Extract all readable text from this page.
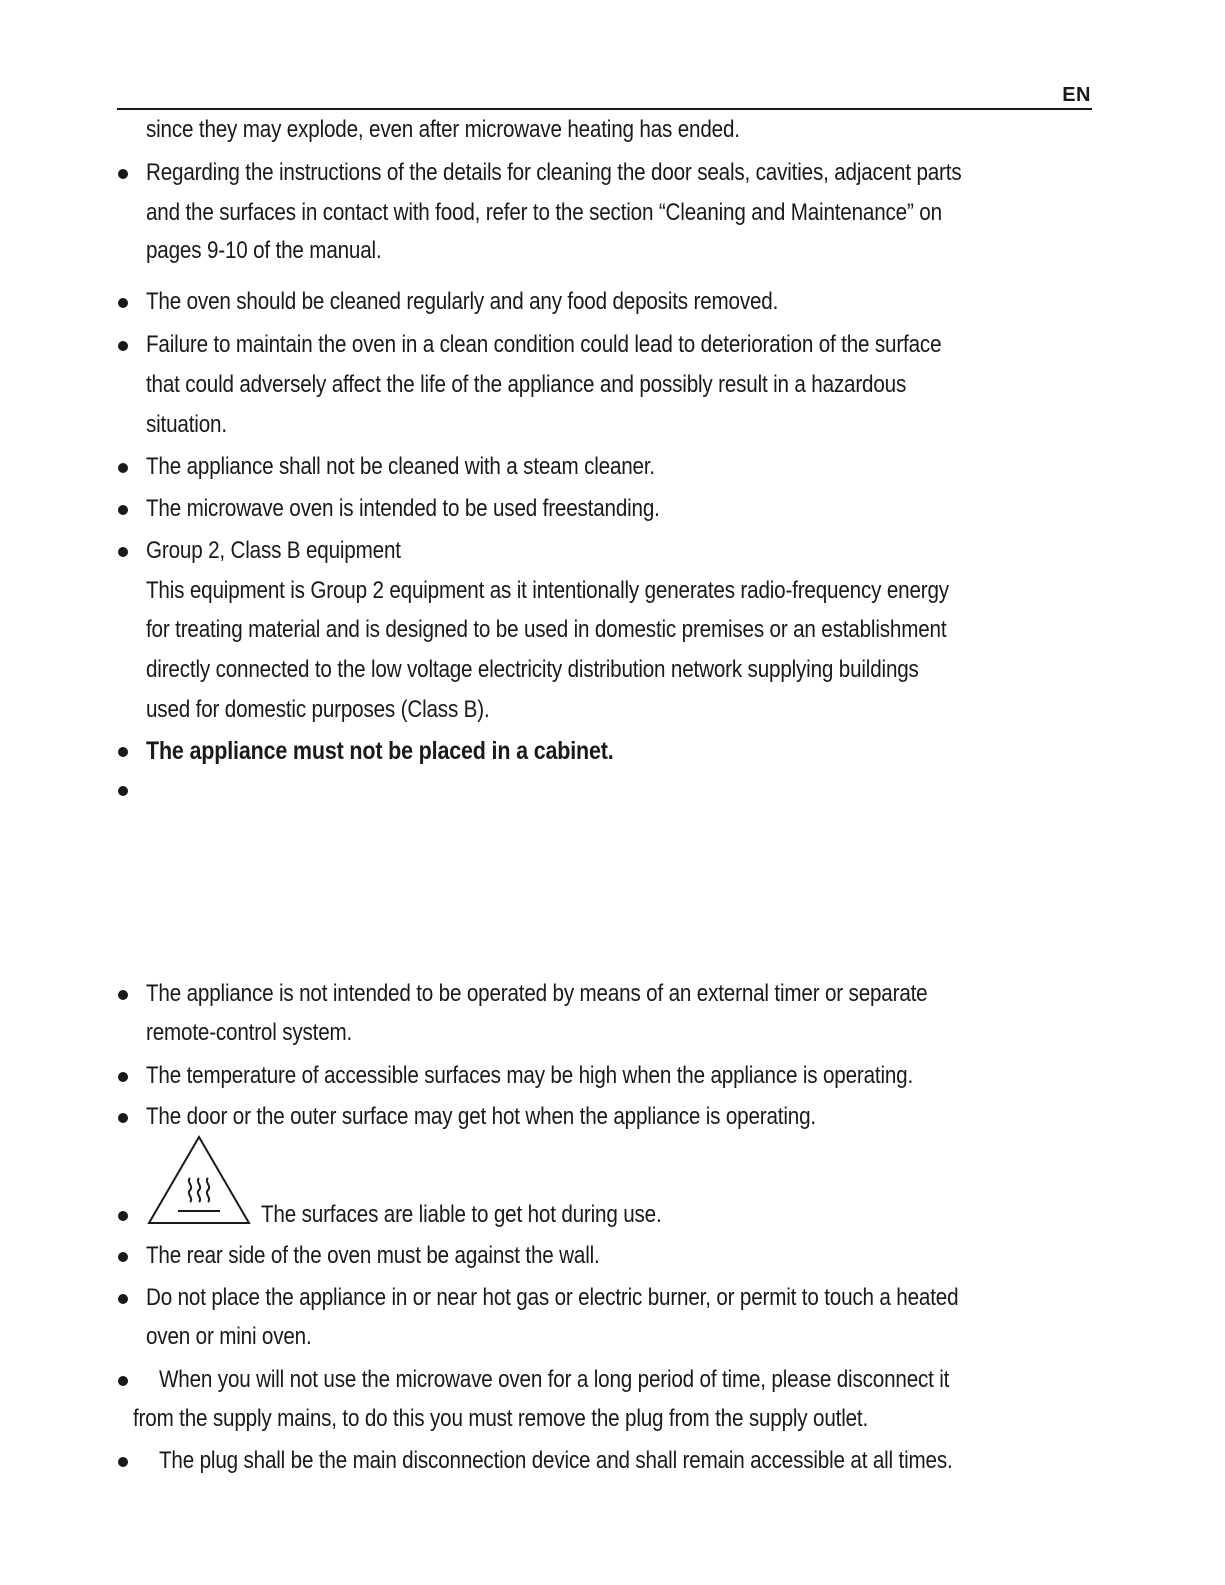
EN
since they may explode, even after microwave heating has ended.
Regarding the instructions of the details for cleaning the door seals, cavities, adjacent parts
and the surfaces in contact with food, refer to the section “Cleaning and Maintenance” on
pages 9-10 of the manual.
The oven should be cleaned regularly and any food deposits removed.
Failure to maintain the oven in a clean condition could lead to deterioration of the surface
that could adversely affect the life of the appliance and possibly result in a hazardous
situation.
The appliance shall not be cleaned with a steam cleaner.
The microwave oven is intended to be used freestanding.
Group 2, Class B equipment
This equipment is Group 2 equipment as it intentionally generates radio-frequency energy
for treating material and is designed to be used in domestic premises or an establishment
directly connected to the low voltage electricity distribution network supplying buildings
used for domestic purposes (Class B).
The appliance must not be placed in a cabinet.
The appliance is not intended to be operated by means of an external timer or separate
remote-control system.
The temperature of accessible surfaces may be high when the appliance is operating.
The door or the outer surface may get hot when the appliance is operating.
The surfaces are liable to get hot during use.
The rear side of the oven must be against the wall.
Do not place the appliance in or near hot gas or electric burner, or permit to touch a heated
oven or mini oven.
When you will not use the microwave oven for a long period of time, please disconnect it
from the supply mains, to do this you must remove the plug from the supply outlet.
The plug shall be the main disconnection device and shall remain accessible at all times.
